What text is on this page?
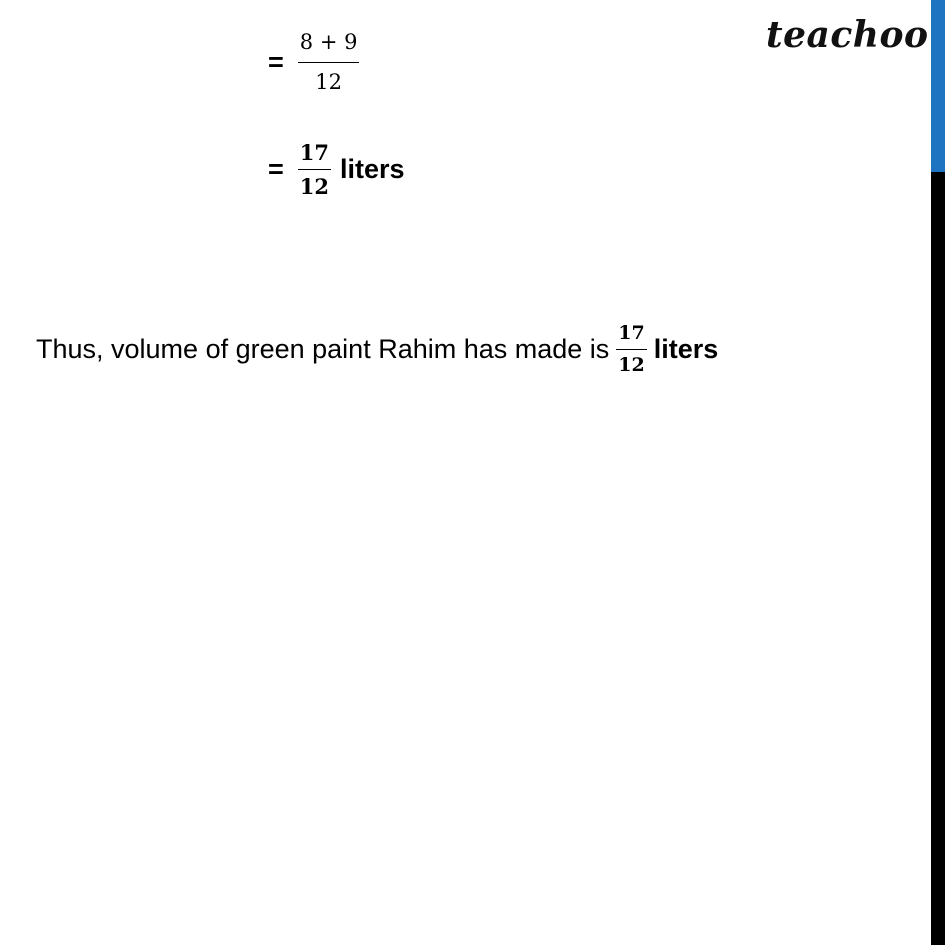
teachoo
= $\frac{8 + 9}{12}$
= $\frac{17}{12}$ liters
Thus, volume of green paint Rahim has made is $\frac{17}{12}$ liters
